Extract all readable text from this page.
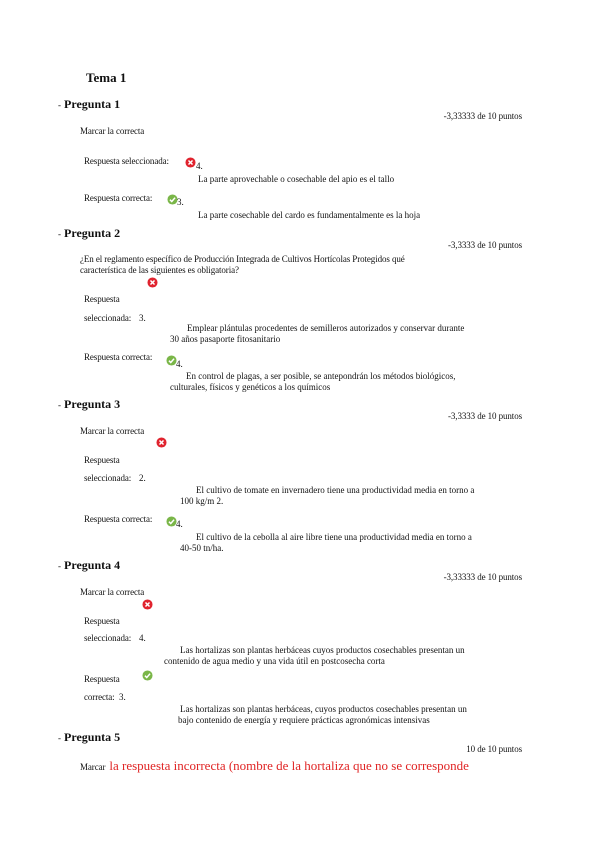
Tema 1
- Pregunta 1
-3,33333 de 10 puntos
Marcar la correcta
Respuesta seleccionada:	4.
La parte aprovechable o cosechable del apio es el tallo
Respuesta correcta:	3.
La parte cosechable del cardo es fundamentalmente es la hoja
- Pregunta 2
-3,3333 de 10 puntos
¿En el reglamento específico de Producción Integrada de Cultivos Hortícolas Protegidos qué
característica de las siguientes es obligatoria?
Respuesta
seleccionada: 3.
Emplear plántulas procedentes de semilleros autorizados y conservar durante
30 años pasaporte fitosanitario
Respuesta correcta:
4.
En control de plagas, a ser posible, se antepondrán los métodos biológicos,
culturales, físicos y genéticos a los químicos
- Pregunta 3
-3,3333 de 10 puntos
Marcar la correcta
Respuesta
seleccionada: 2.
El cultivo de tomate en invernadero tiene una productividad media en torno a
100 kg/m 2.
Respuesta correcta:	4.
El cultivo de la cebolla al aire libre tiene una productividad media en torno a
40-50 tn/ha.
- Pregunta 4
-3,33333 de 10 puntos
Marcar la correcta
Respuesta
seleccionada: 4.
Las hortalizas son plantas herbáceas cuyos productos cosechables presentan un
contenido de agua medio y una vida útil en postcosecha corta
Respuesta
correcta: 3.
Las hortalizas son plantas herbáceas, cuyos productos cosechables presentan un
bajo contenido de energía y requiere prácticas agronómicas intensivas
- Pregunta 5
10 de 10 puntos
Marcar la respuesta incorrecta (nombre de la hortaliza que no se corresponde
